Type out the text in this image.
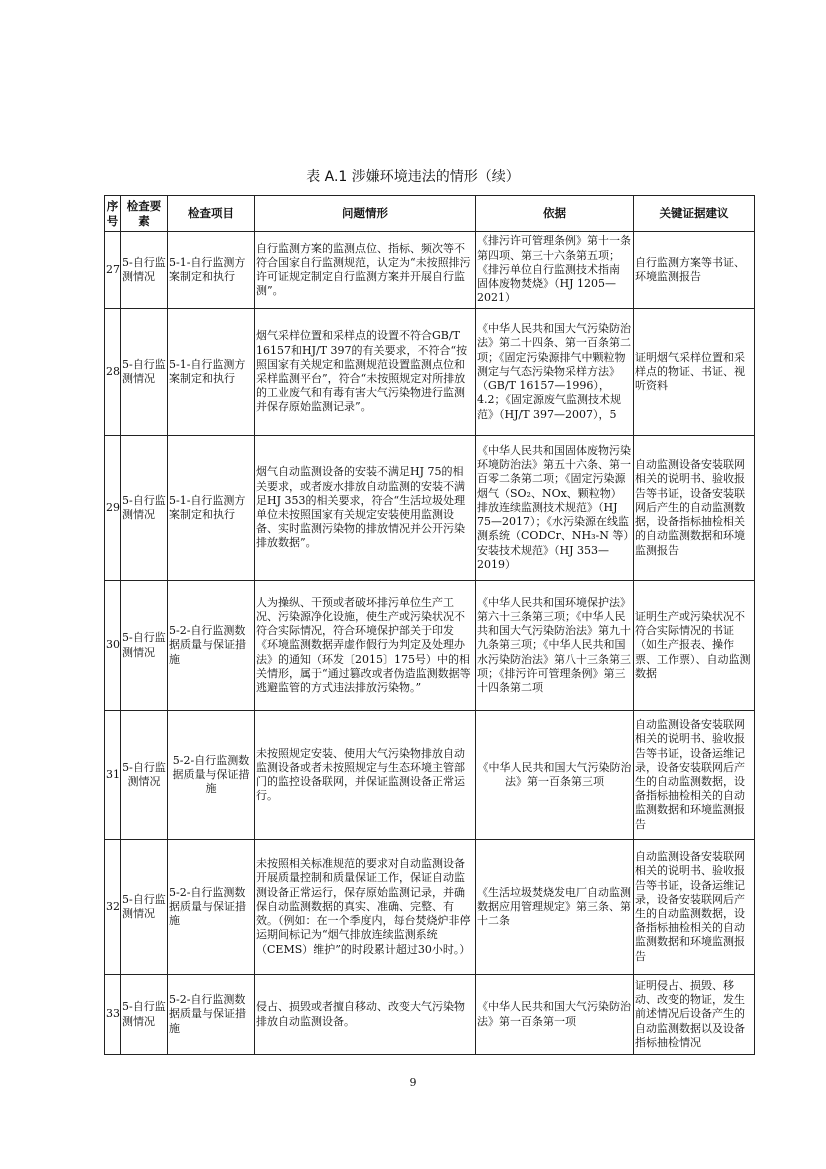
表 A.1 涉嫌环境违法的情形（续）
序号	检查要素	检查项目	问题情形	依据	关键证据建议
27	5-自行监测情况	5-1-自行监测方案制定和执行	自行监测方案的监测点位、指标、频次等不符合国家自行监测规范，认定为“未按照排污许可证规定制定自行监测方案并开展自行监测”。	《排污许可管理条例》第十一条第四项、第三十六条第五项；《排污单位自行监测技术指南 固体废物焚烧》（HJ 1205—2021）	自行监测方案等书证、环境监测报告
28	5-自行监测情况	5-1-自行监测方案制定和执行	烟气采样位置和采样点的设置不符合GB/T 16157和HJ/T 397的有关要求，不符合“按照国家有关规定和监测规范设置监测点位和采样监测平台”，符合“未按照规定对所排放的工业废气和有毒有害大气污染物进行监测并保存原始监测记录”。	《中华人民共和国大气污染防治法》第二十四条、第一百条第二项；《固定污染源排气中颗粒物测定与气态污染物采样方法》（GB/T 16157—1996），4.2；《固定源废气监测技术规范》（HJ/T 397—2007），5	证明烟气采样位置和采样点的物证、书证、视听资料
29	5-自行监测情况	5-1-自行监测方案制定和执行	烟气自动监测设备的安装不满足HJ 75的相关要求，或者废水排放自动监测的安装不满足HJ 353的相关要求，符合“生活垃圾处理单位未按照国家有关规定安装使用监测设备、实时监测污染物的排放情况并公开污染排放数据”。	《中华人民共和国固体废物污染环境防治法》第五十六条、第一百零二条第二项；《固定污染源烟气（SO₂、NOx、颗粒物）排放连续监测技术规范》（HJ 75—2017）；《水污染源在线监测系统（CODCr、NH₃-N 等）安装技术规范》（HJ 353—2019）	自动监测设备安装联网相关的说明书、验收报告等书证，设备安装联网后产生的自动监测数据，设备指标抽检相关的自动监测数据和环境监测报告
30	5-自行监测情况	5-2-自行监测数据质量与保证措施	人为操纵、干预或者破坏排污单位生产工况、污染源净化设施，使生产或污染状况不符合实际情况，符合环境保护部关于印发《环境监测数据弄虚作假行为判定及处理办法》的通知（环发〔2015〕175号）中的相关情形，属于“通过篡改或者伪造监测数据等逃避监管的方式违法排放污染物。”	《中华人民共和国环境保护法》第六十三条第三项；《中华人民共和国大气污染防治法》第九十九条第三项；《中华人民共和国水污染防治法》第八十三条第三项；《排污许可管理条例》第三十四条第二项	证明生产或污染状况不符合实际情况的书证（如生产报表、操作票、工作票）、自动监测数据
31	5-自行监测情况	5-2-自行监测数据质量与保证措施	未按照规定安装、使用大气污染物排放自动监测设备或者未按照规定与生态环境主管部门的监控设备联网，并保证监测设备正常运行。	《中华人民共和国大气污染防治法》第一百条第三项	自动监测设备安装联网相关的说明书、验收报告等书证，设备运维记录，设备安装联网后产生的自动监测数据，设备指标抽检相关的自动监测数据和环境监测报告
32	5-自行监测情况	5-2-自行监测数据质量与保证措施	未按照相关标准规范的要求对自动监测设备开展质量控制和质量保证工作，保证自动监测设备正常运行，保存原始监测记录，并确保自动监测数据的真实、准确、完整、有效。（例如：在一个季度内，每台焚烧炉非停运期间标记为“烟气排放连续监测系统（CEMS）维护”的时段累计超过30小时。）	《生活垃圾焚烧发电厂自动监测数据应用管理规定》第三条、第十二条	自动监测设备安装联网相关的说明书、验收报告等书证，设备运维记录，设备安装联网后产生的自动监测数据，设备指标抽检相关的自动监测数据和环境监测报告
33	5-自行监测情况	5-2-自行监测数据质量与保证措施	侵占、损毁或者擅自移动、改变大气污染物排放自动监测设备。	《中华人民共和国大气污染防治法》第一百条第一项	证明侵占、损毁、移动、改变的物证，发生前述情况后设备产生的自动监测数据以及设备指标抽检情况
9
